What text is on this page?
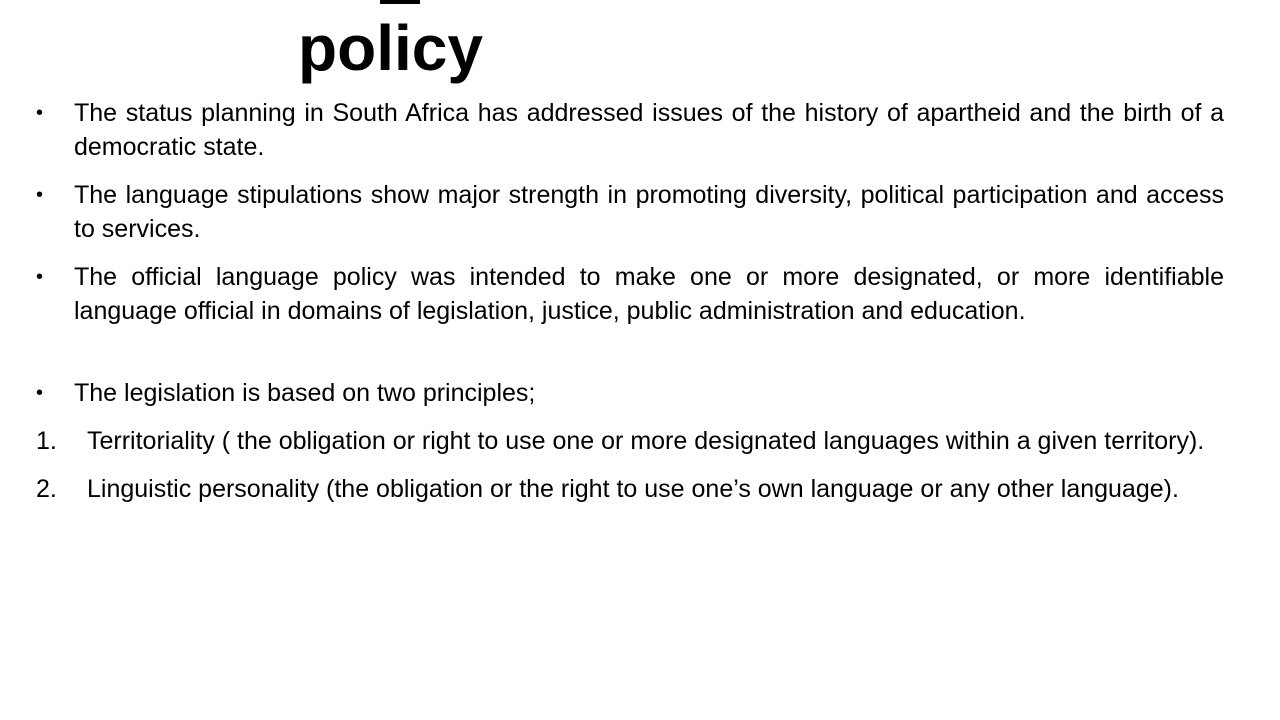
policy
• The status planning in South Africa has addressed issues of the history of apartheid and the birth of a democratic state.
• The language stipulations show major strength in promoting diversity, political participation and access to services.
• The official language policy was intended to make one or more designated, or more identifiable language official in domains of legislation, justice, public administration and education.
• The legislation is based on two principles;
1. Territoriality ( the obligation or right to use one or more designated languages within a given territory).
2. Linguistic personality (the obligation or the right to use one’s own language or any other language).
